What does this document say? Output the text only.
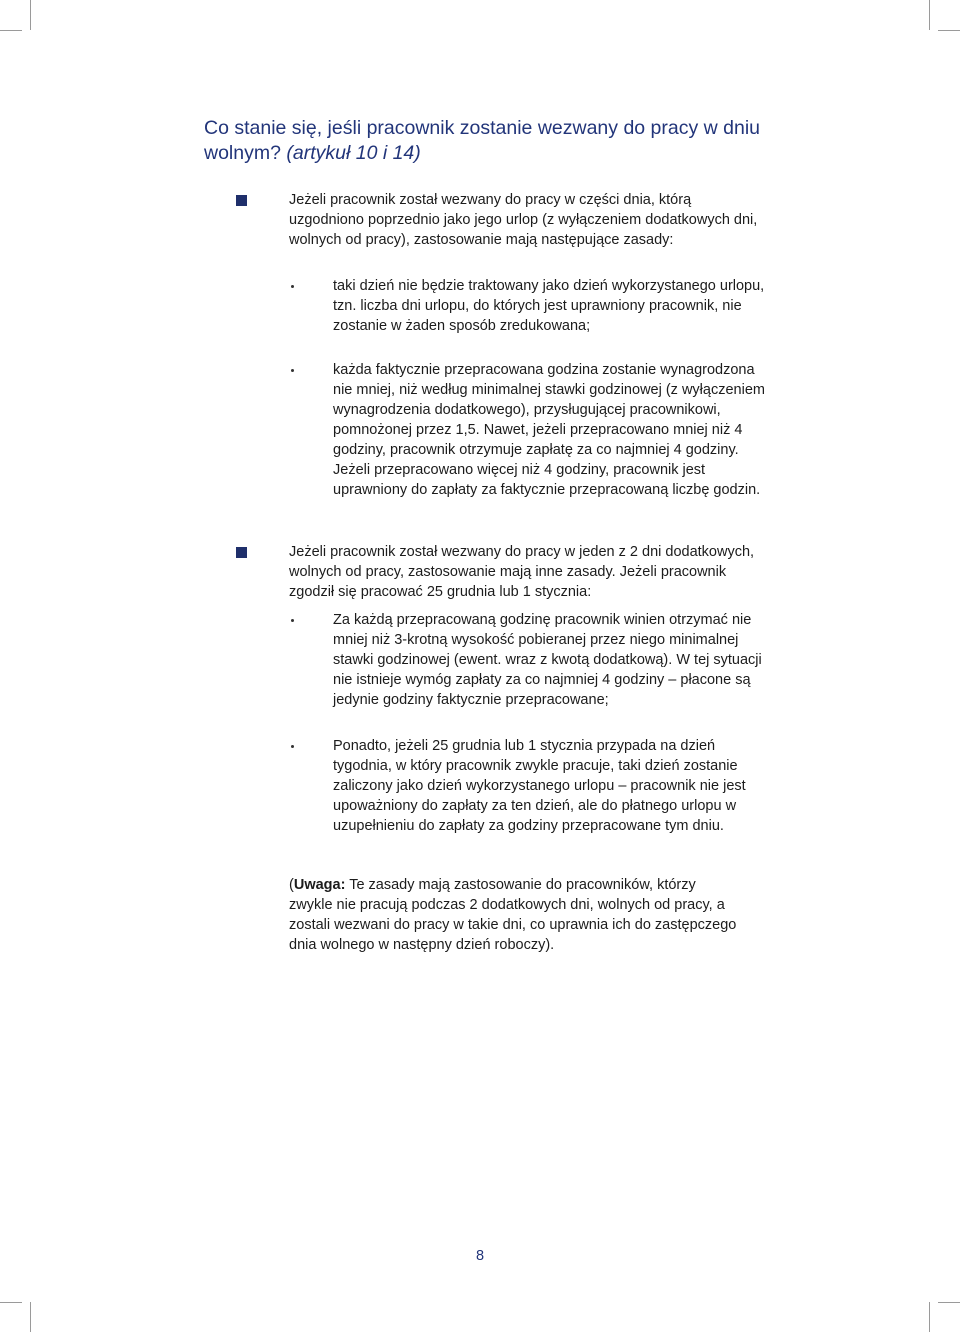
Co stanie się, jeśli pracownik zostanie wezwany do pracy w dniu wolnym? (artykuł 10 i 14)

Jeżeli pracownik został wezwany do pracy w części dnia, którą uzgodniono poprzednio jako jego urlop (z wyłączeniem dodatkowych dni, wolnych od pracy), zastosowanie mają następujące zasady:

taki dzień nie będzie traktowany jako dzień wykorzystanego urlopu, tzn. liczba dni urlopu, do których jest uprawniony pracownik, nie zostanie w żaden sposób zredukowana;

każda faktycznie przepracowana godzina zostanie wynagrodzona nie mniej, niż według minimalnej stawki godzinowej (z wyłączeniem wynagrodzenia dodatkowego), przysługującej pracownikowi, pomnożonej przez 1,5. Nawet, jeżeli przepracowano mniej niż 4 godziny, pracownik otrzymuje zapłatę za co najmniej 4 godziny. Jeżeli przepracowano więcej niż 4 godziny, pracownik jest uprawniony do zapłaty za faktycznie przepracowaną liczbę godzin.

Jeżeli pracownik został wezwany do pracy w jeden z 2 dni dodatkowych, wolnych od pracy, zastosowanie mają inne zasady. Jeżeli pracownik zgodził się pracować 25 grudnia lub 1 stycznia:

Za każdą przepracowaną godzinę pracownik winien otrzymać nie mniej niż 3-krotną wysokość pobieranej przez niego minimalnej stawki godzinowej (ewent. wraz z kwotą dodatkową). W tej sytuacji nie istnieje wymóg zapłaty za co najmniej 4 godziny – płacone są jedynie godziny faktycznie przepracowane;

Ponadto, jeżeli 25 grudnia lub 1 stycznia przypada na dzień tygodnia, w który pracownik zwykle pracuje, taki dzień zostanie zaliczony jako dzień wykorzystanego urlopu – pracownik nie jest upoważniony do zapłaty za ten dzień, ale do płatnego urlopu w uzupełnieniu do zapłaty za godziny przepracowane tym dniu.

(Uwaga: Te zasady mają zastosowanie do pracowników, którzy zwykle nie pracują podczas 2 dodatkowych dni, wolnych od pracy, a zostali wezwani do pracy w takie dni, co uprawnia ich do zastępczego dnia wolnego w następny dzień roboczy).

8
